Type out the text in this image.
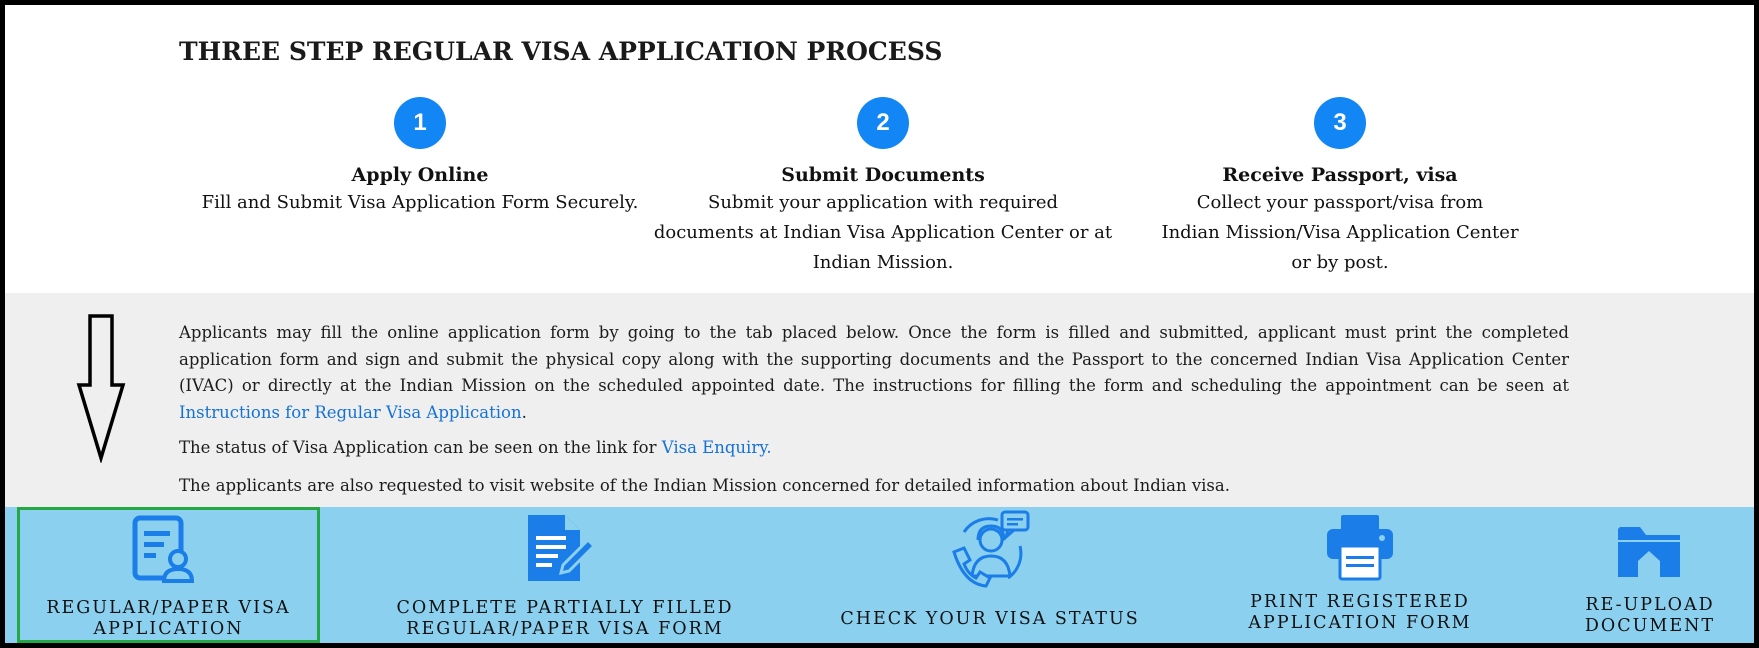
THREE STEP REGULAR VISA APPLICATION PROCESS
1
Apply Online
Fill and Submit Visa Application Form Securely.
2
Submit Documents
Submit your application with required
documents at Indian Visa Application Center or at
Indian Mission.
3
Receive Passport, visa
Collect your passport/visa from
Indian Mission/Visa Application Center
or by post.

Applicants may fill the online application form by going to the tab placed below. Once the form is filled and submitted, applicant must print the completed application form and sign and submit the physical copy along with the supporting documents and the Passport to the concerned Indian Visa Application Center (IVAC) or directly at the Indian Mission on the scheduled appointed date. The instructions for filling the form and scheduling the appointment can be seen at Instructions for Regular Visa Application.

The status of Visa Application can be seen on the link for Visa Enquiry.

The applicants are also requested to visit website of the Indian Mission concerned for detailed information about Indian visa.

REGULAR/PAPER VISA
APPLICATION
COMPLETE PARTIALLY FILLED
REGULAR/PAPER VISA FORM	CHECK YOUR VISA STATUS
PRINT REGISTERED
APPLICATION FORM
RE-UPLOAD
DOCUMENT
